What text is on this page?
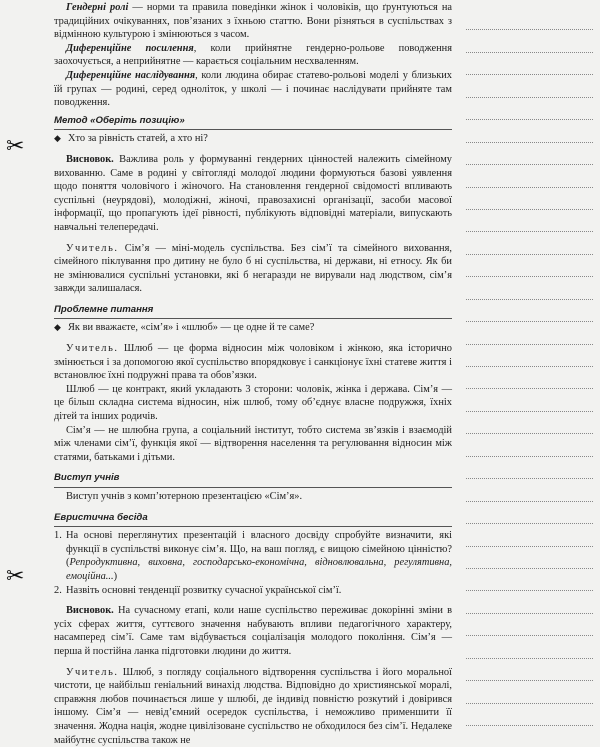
✂
✂

Гендерні ролі — норми та правила поведінки жінок і чоловіків, що ґрунтуються на традиційних очікуваннях, пов’язаних з їхньою статтю. Вони різняться в суспільствах з відмінною культурою і змінюються з часом.

Диференційне посилення, коли прийнятне гендерно-рольове поводження заохочується, а неприйнятне — карається соціальним несхваленням.

Диференційне наслідування, коли людина обирає статево-рольові моделі у близьких їй групах — родині, серед одноліток, у школі — і починає наслідувати прийняте там поводження.

Метод «Оберіть позицію»

◆ Хто за рівність статей, а хто ні?

Висновок. Важлива роль у формуванні гендерних цінностей належить сімейному вихованню. Саме в родині у світогляді молодої людини формуються базові уявлення щодо поняття чоловічого і жіночого. На становлення гендерної свідомості впливають суспільні (неурядові), молодіжні, жіночі, правозахисні організації, засоби масової інформації, що пропагують ідеї рівності, публікують відповідні матеріали, випускають навчальні телепередачі.

Учитель. Сім’я — міні-модель суспільства. Без сім’ї та сімейного виховання, сімейного піклування про дитину не було б ні суспільства, ні держави, ні етносу. Як би не змінювалися суспільні установки, які б негаразди не вирували над людством, сім’я завжди залишалася.

Проблемне питання

◆ Як ви вважаєте, «сім’я» і «шлюб» — це одне й те саме?

Учитель. Шлюб — це форма відносин між чоловіком і жінкою, яка історично змінюється і за допомогою якої суспільство впорядковує і санкціонує їхні статеве життя і встановлює їхні подружні права та обов’язки.

Шлюб — це контракт, який укладають 3 сторони: чоловік, жінка і держава. Сім’я — це більш складна система відносин, ніж шлюб, тому об’єднує власне подружжя, їхніх дітей та інших родичів.

Сім’я — не шлюбна група, а соціальний інститут, тобто система зв’язків і взаємодій між членами сім’ї, функція якої — відтворення населення та регулювання відносин між статями, батьками і дітьми.

Виступ учнів

Виступ учнів з комп’ютерною презентацією «Сім’я».

Евристична бесіда

1. На основі переглянутих презентацій і власного досвіду спробуйте визначити, які функції в суспільстві виконує сім’я. Що, на ваш погляд, є вищою сімейною цінністю? (Репродуктивна, виховна, господарсько-економічна, відновлювальна, регулятивна, емоційна...)

2. Назвіть основні тенденції розвитку сучасної української сім’ї.

Висновок. На сучасному етапі, коли наше суспільство переживає докорінні зміни в усіх сферах життя, суттєвого значення набувають впливи педагогічного характеру, насамперед сім’ї. Саме там відбувається соціалізація молодого покоління. Сім’я — перша й постійна ланка підготовки людини до життя.

Учитель. Шлюб, з погляду соціального відтворення суспільства і його моральної чистоти, це найбільш геніальний винахід людства. Відповідно до християнської моралі, справжня любов починається лише у шлюбі, де індивід повністю розкутий і довірився іншому. Сім’я — невід’ємний осередок суспільства, і неможливо применшити її значення. Жодна нація, жодне цивілізоване суспільство не обходилося без сім’ї. Недалеке майбутнє суспільства також не
